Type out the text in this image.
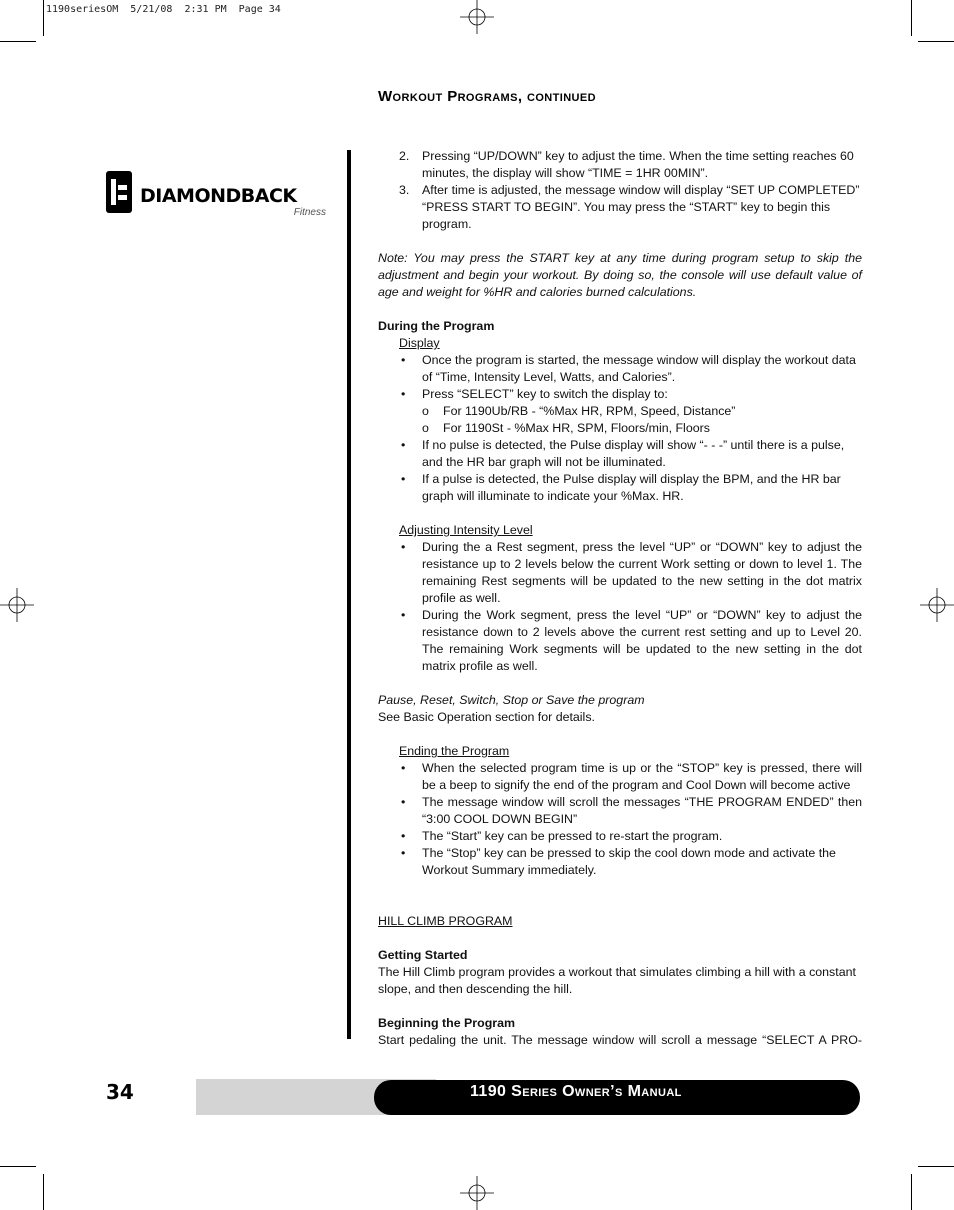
1190seriesOM  5/21/08  2:31 PM  Page 34
Workout Programs, continued
DIAMONDBACK
Fitness

2. Pressing “UP/DOWN” key to adjust the time. When the time setting reaches 60 minutes, the display will show “TIME = 1HR 00MIN”.

3. After time is adjusted, the message window will display “SET UP COMPLETED” “PRESS START TO BEGIN”. You may press the “START” key to begin this program.

Note: You may press the START key at any time during program setup to skip the adjustment and begin your workout. By doing so, the console will use default value of age and weight for %HR and calories burned calculations.

During the Program

Display

• Once the program is started, the message window will display the workout data of “Time, Intensity Level, Watts, and Calories”.

• Press “SELECT” key to switch the display to:

o For 1190Ub/RB - “%Max HR, RPM, Speed, Distance”

o For 1190St - %Max HR, SPM, Floors/min, Floors

• If no pulse is detected, the Pulse display will show “- - -” until there is a pulse, and the HR bar graph will not be illuminated.

• If a pulse is detected, the Pulse display will display the BPM, and the HR bar graph will illuminate to indicate your %Max. HR.

Adjusting Intensity Level

• During the a Rest segment, press the level “UP” or “DOWN” key to adjust the resistance up to 2 levels below the current Work setting or down to level 1. The remaining Rest segments will be updated to the new setting in the dot matrix profile as well.

• During the Work segment, press the level “UP” or “DOWN” key to adjust the resistance down to 2 levels above the current rest setting and up to Level 20. The remaining Work segments will be updated to the new setting in the dot matrix profile as well.

Pause, Reset, Switch, Stop or Save the program

See Basic Operation section for details.

Ending the Program

• When the selected program time is up or the “STOP” key is pressed, there will be a beep to signify the end of the program and Cool Down will become active

• The message window will scroll the messages “THE PROGRAM ENDED” then “3:00 COOL DOWN BEGIN”

• The “Start” key can be pressed to re-start the program.

• The “Stop” key can be pressed to skip the cool down mode and activate the Workout Summary immediately.

HILL CLIMB PROGRAM

Getting Started

The Hill Climb program provides a workout that simulates climbing a hill with a constant slope, and then descending the hill.

Beginning the Program

Start pedaling the unit. The message window will scroll a message “SELECT A PRO-

34	1190 Series Owner’s Manual
